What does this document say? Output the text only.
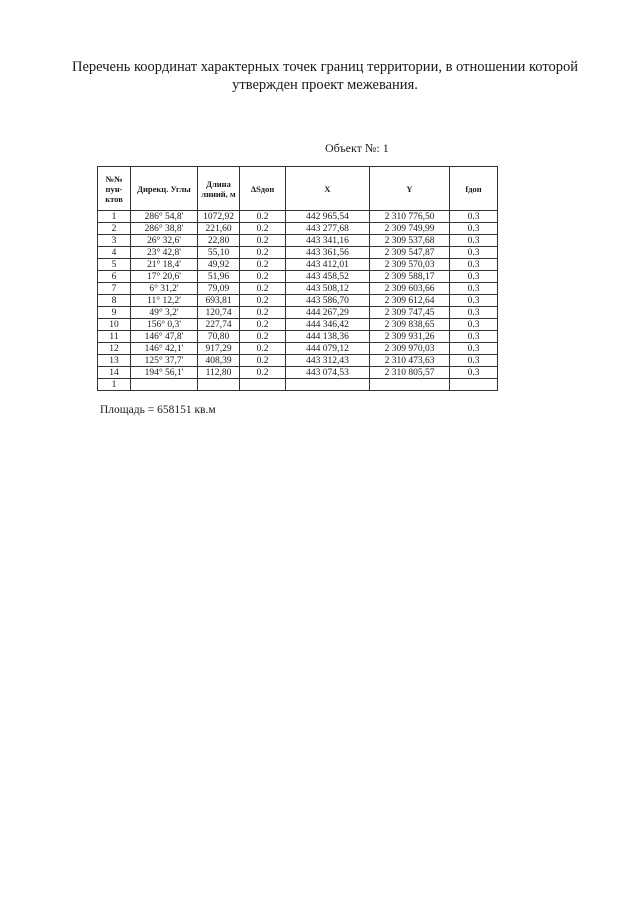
Перечень координат характерных точек границ территории, в отношении которой утвержден проект межевания.
Объект №: 1
№№ пун-ктов	Дирекц. Углы	Длина линий, м	ΔSдоп	X	Y	fдоп
1	286° 54,8'	1072,92	0.2	442 965,54	2 310 776,50	0.3
2	286° 38,8'	221,60	0.2	443 277,68	2 309 749,99	0.3
3	26° 32,6'	22,80	0.2	443 341,16	2 309 537,68	0.3
4	23° 42,8'	55,10	0.2	443 361,56	2 309 547,87	0.3
5	21° 18,4'	49,92	0.2	443 412,01	2 309 570,03	0.3
6	17° 20,6'	51,96	0.2	443 458,52	2 309 588,17	0.3
7	6° 31,2'	79,09	0.2	443 508,12	2 309 603,66	0.3
8	11° 12,2'	693,81	0.2	443 586,70	2 309 612,64	0.3
9	49° 3,2'	120,74	0.2	444 267,29	2 309 747,45	0.3
10	156° 0,3'	227,74	0.2	444 346,42	2 309 838,65	0.3
11	146° 47,8'	70,80	0.2	444 138,36	2 309 931,26	0.3
12	146° 42,1'	917,29	0.2	444 079,12	2 309 970,03	0.3
13	125° 37,7'	408,39	0.2	443 312,43	2 310 473,63	0.3
14	194° 56,1'	112,80	0.2	443 074,53	2 310 805,57	0.3
1						
Площадь = 658151 кв.м
